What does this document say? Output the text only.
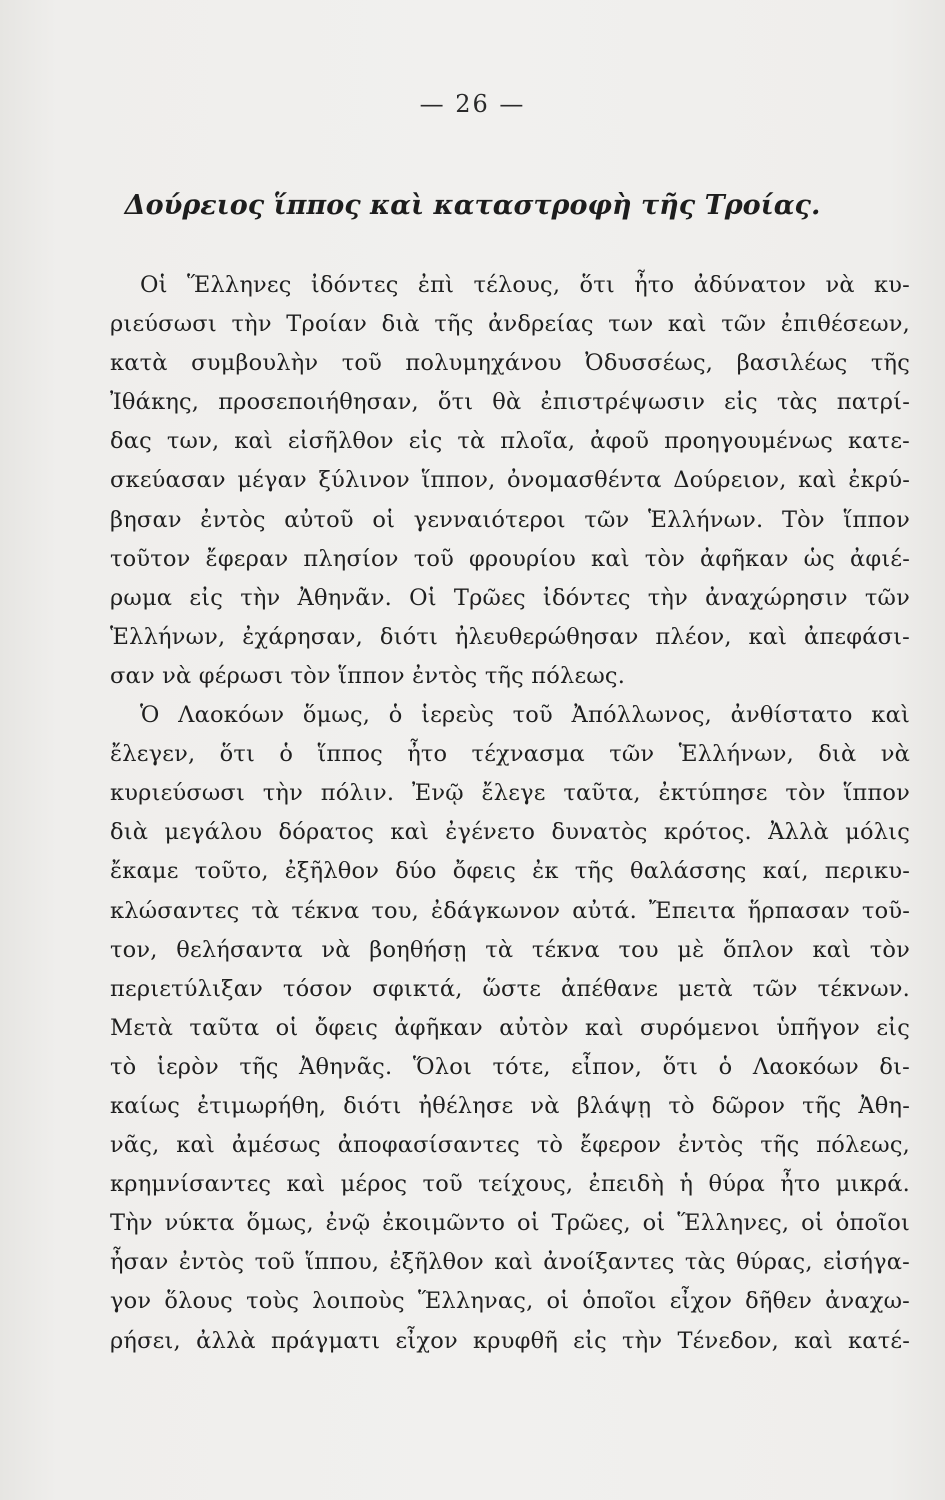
— 26 —
Δούρειος ἵππος καὶ καταστροφὴ τῆς Τροίας.
Οἱ Ἕλληνες ἰδόντες ἐπὶ τέλους, ὅτι ἦτο ἀδύνατον νὰ κυ-
ριεύσωσι τὴν Τροίαν διὰ τῆς ἀνδρείας των καὶ τῶν ἐπιθέσεων,
κατὰ συμβουλὴν τοῦ πολυμηχάνου Ὀδυσσέως, βασιλέως τῆς
Ἰθάκης, προσεποιήθησαν, ὅτι θὰ ἐπιστρέψωσιν εἰς τὰς πατρί-
δας των, καὶ εἰσῆλθον εἰς τὰ πλοῖα, ἀφοῦ προηγουμένως κατε-
σκεύασαν μέγαν ξύλινον ἵππον, ὀνομασθέντα Δούρειον, καὶ ἐκρύ-
βησαν ἐντὸς αὐτοῦ οἱ γενναιότεροι τῶν Ἑλλήνων. Τὸν ἵππον
τοῦτον ἔφεραν πλησίον τοῦ φρουρίου καὶ τὸν ἀφῆκαν ὡς ἀφιέ-
ρωμα εἰς τὴν Ἀθηνᾶν. Οἱ Τρῶες ἰδόντες τὴν ἀναχώρησιν τῶν
Ἑλλήνων, ἐχάρησαν, διότι ἠλευθερώθησαν πλέον, καὶ ἀπεφάσι-
σαν νὰ φέρωσι τὸν ἵππον ἐντὸς τῆς πόλεως.
Ὁ Λαοκόων ὅμως, ὁ ἱερεὺς τοῦ Ἀπόλλωνος, ἀνθίστατο καὶ
ἔλεγεν, ὅτι ὁ ἵππος ἦτο τέχνασμα τῶν Ἑλλήνων, διὰ νὰ
κυριεύσωσι τὴν πόλιν. Ἐνῷ ἔλεγε ταῦτα, ἐκτύπησε τὸν ἵππον
διὰ μεγάλου δόρατος καὶ ἐγένετο δυνατὸς κρότος. Ἀλλὰ μόλις
ἔκαμε τοῦτο, ἐξῆλθον δύο ὄφεις ἐκ τῆς θαλάσσης καί, περικυ-
κλώσαντες τὰ τέκνα του, ἐδάγκωνον αὐτά. Ἔπειτα ἥρπασαν τοῦ-
τον, θελήσαντα νὰ βοηθήσῃ τὰ τέκνα του μὲ ὅπλον καὶ τὸν
περιετύλιξαν τόσον σφικτά, ὥστε ἀπέθανε μετὰ τῶν τέκνων.
Μετὰ ταῦτα οἱ ὄφεις ἀφῆκαν αὐτὸν καὶ συρόμενοι ὑπῆγον εἰς
τὸ ἱερὸν τῆς Ἀθηνᾶς. Ὅλοι τότε, εἶπον, ὅτι ὁ Λαοκόων δι-
καίως ἐτιμωρήθη, διότι ἠθέλησε νὰ βλάψῃ τὸ δῶρον τῆς Ἀθη-
νᾶς, καὶ ἀμέσως ἀποφασίσαντες τὸ ἔφερον ἐντὸς τῆς πόλεως,
κρημνίσαντες καὶ μέρος τοῦ τείχους, ἐπειδὴ ἡ θύρα ἦτο μικρά.
Τὴν νύκτα ὅμως, ἐνῷ ἐκοιμῶντο οἱ Τρῶες, οἱ Ἕλληνες, οἱ ὁποῖοι
ἦσαν ἐντὸς τοῦ ἵππου, ἐξῆλθον καὶ ἀνοίξαντες τὰς θύρας, εἰσήγα-
γον ὅλους τοὺς λοιποὺς Ἕλληνας, οἱ ὁποῖοι εἶχον δῆθεν ἀναχω-
ρήσει, ἀλλὰ πράγματι εἶχον κρυφθῆ εἰς τὴν Τένεδον, καὶ κατέ-
